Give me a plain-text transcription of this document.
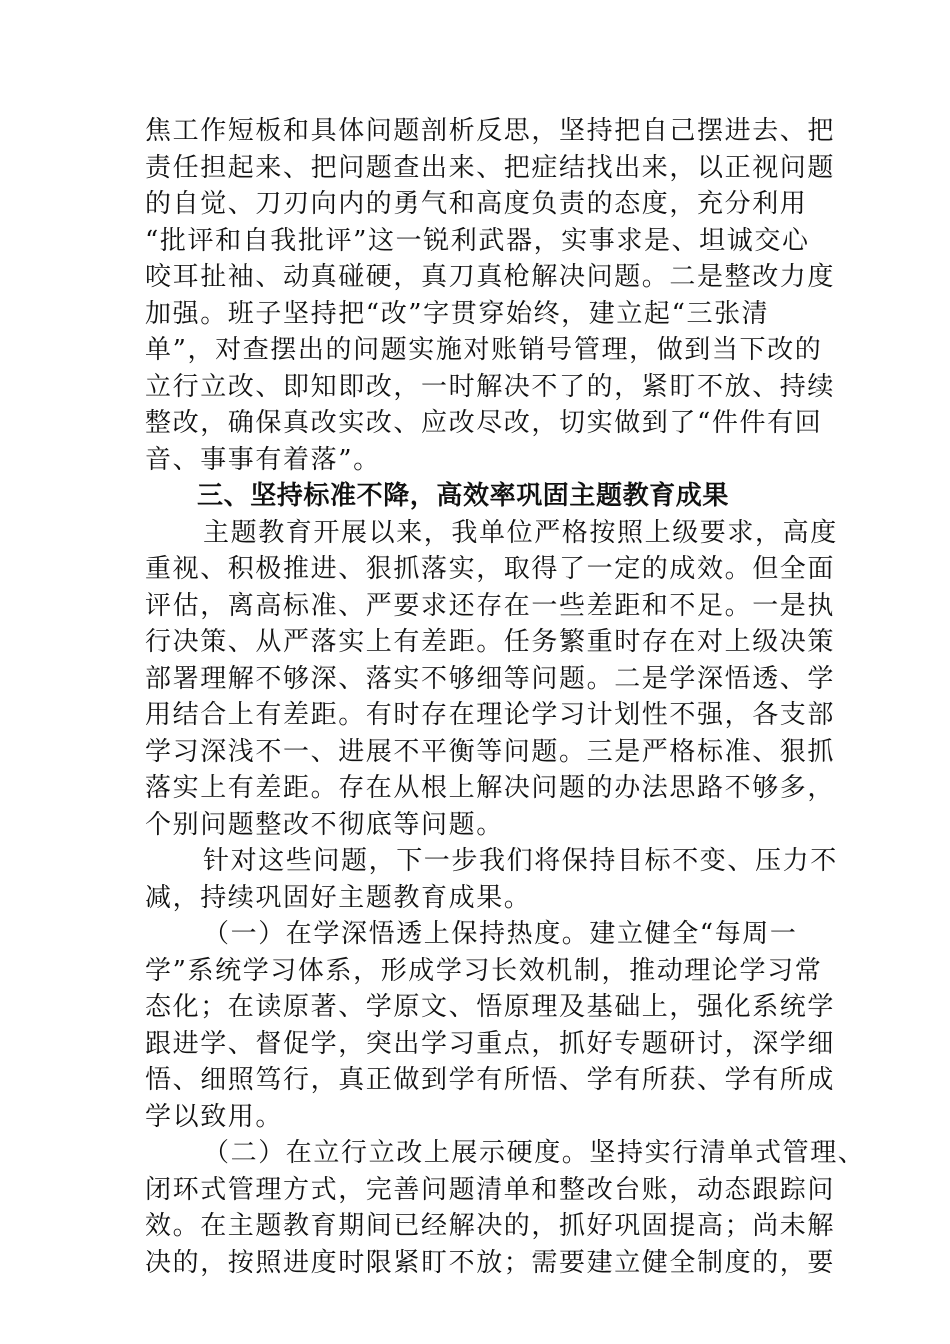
焦工作短板和具体问题剖析反思，坚持把自己摆进去、把
责任担起来、把问题查出来、把症结找出来，以正视问题
的自觉、刀刃向内的勇气和高度负责的态度，充分利用
“批评和自我批评”这一锐利武器，实事求是、坦诚交心
咬耳扯袖、动真碰硬，真刀真枪解决问题。二是整改力度
加强。班子坚持把“改”字贯穿始终，建立起“三张清
单”，对查摆出的问题实施对账销号管理，做到当下改的
立行立改、即知即改，一时解决不了的，紧盯不放、持续
整改，确保真改实改、应改尽改，切实做到了“件件有回
音、事事有着落”。
三、坚持标准不降，高效率巩固主题教育成果
主题教育开展以来，我单位严格按照上级要求，高度
重视、积极推进、狠抓落实，取得了一定的成效。但全面
评估，离高标准、严要求还存在一些差距和不足。一是执
行决策、从严落实上有差距。任务繁重时存在对上级决策
部署理解不够深、落实不够细等问题。二是学深悟透、学
用结合上有差距。有时存在理论学习计划性不强，各支部
学习深浅不一、进展不平衡等问题。三是严格标准、狠抓
落实上有差距。存在从根上解决问题的办法思路不够多，
个别问题整改不彻底等问题。
针对这些问题，下一步我们将保持目标不变、压力不
减，持续巩固好主题教育成果。
（一）在学深悟透上保持热度。建立健全“每周一
学”系统学习体系，形成学习长效机制，推动理论学习常
态化；在读原著、学原文、悟原理及基础上，强化系统学
跟进学、督促学，突出学习重点，抓好专题研讨，深学细
悟、细照笃行，真正做到学有所悟、学有所获、学有所成
学以致用。
（二）在立行立改上展示硬度。坚持实行清单式管理、
闭环式管理方式，完善问题清单和整改台账，动态跟踪问
效。在主题教育期间已经解决的，抓好巩固提高；尚未解
决的，按照进度时限紧盯不放；需要建立健全制度的，要
